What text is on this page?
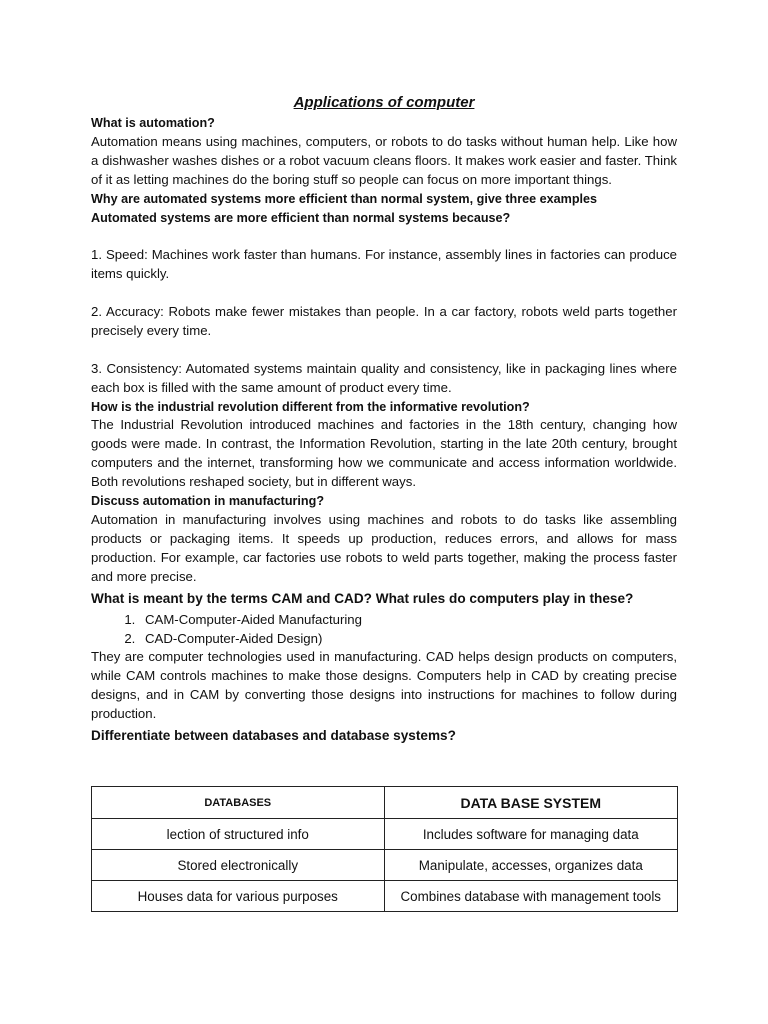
Applications of computer

What is automation?

Automation means using machines, computers, or robots to do tasks without human help. Like how a dishwasher washes dishes or a robot vacuum cleans floors. It makes work easier and faster. Think of it as letting machines do the boring stuff so people can focus on more important things.

Why are automated systems more efficient than normal system, give three examples

Automated systems are more efficient than normal systems because?

1. Speed: Machines work faster than humans. For instance, assembly lines in factories can produce items quickly.

2. Accuracy: Robots make fewer mistakes than people. In a car factory, robots weld parts together precisely every time.

3. Consistency: Automated systems maintain quality and consistency, like in packaging lines where each box is filled with the same amount of product every time.

How is the industrial revolution different from the informative revolution?

The Industrial Revolution introduced machines and factories in the 18th century, changing how goods were made. In contrast, the Information Revolution, starting in the late 20th century, brought computers and the internet, transforming how we communicate and access information worldwide. Both revolutions reshaped society, but in different ways.

Discuss automation in manufacturing?

Automation in manufacturing involves using machines and robots to do tasks like assembling products or packaging items. It speeds up production, reduces errors, and allows for mass production. For example, car factories use robots to weld parts together, making the process faster and more precise.

What is meant by the terms CAM and CAD? What rules do computers play in these?

1. CAM-Computer-Aided Manufacturing
2. CAD-Computer-Aided Design)

They are computer technologies used in manufacturing. CAD helps design products on computers, while CAM controls machines to make those designs. Computers help in CAD by creating precise designs, and in CAM by converting those designs into instructions for machines to follow during production.

Differentiate between databases and database systems?

DATABASES	DATA BASE SYSTEM
lection of structured info	Includes software for managing data
Stored electronically	Manipulate, accesses, organizes data
Houses data for various purposes	Combines database with management tools
